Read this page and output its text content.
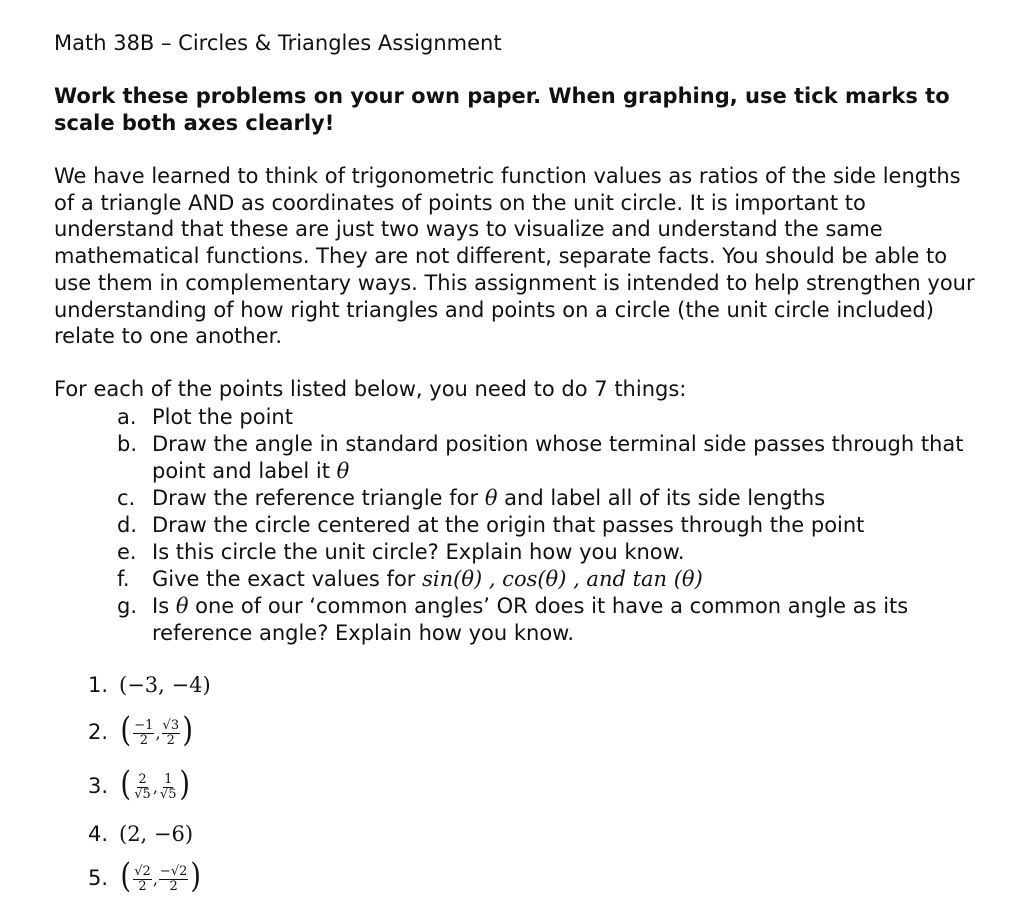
Math 38B – Circles & Triangles Assignment
Work these problems on your own paper. When graphing, use tick marks to scale both axes clearly!
We have learned to think of trigonometric function values as ratios of the side lengths of a triangle AND as coordinates of points on the unit circle. It is important to understand that these are just two ways to visualize and understand the same mathematical functions. They are not different, separate facts. You should be able to use them in complementary ways. This assignment is intended to help strengthen your understanding of how right triangles and points on a circle (the unit circle included) relate to one another.
For each of the points listed below, you need to do 7 things:
a. Plot the point
b. Draw the angle in standard position whose terminal side passes through that point and label it θ
c. Draw the reference triangle for θ and label all of its side lengths
d. Draw the circle centered at the origin that passes through the point
e. Is this circle the unit circle? Explain how you know.
f. Give the exact values for sin(θ) , cos(θ) , and tan (θ)
g. Is θ one of our ‘common angles’ OR does it have a common angle as its reference angle? Explain how you know.
1. (−3, −4)
2. ( $\frac{-1}{2}$ , $\frac{√3}{2}$ )
3. ( $\frac{2}{√5}$ , $\frac{1}{√5}$ )
4. (2, −6)
5. ( $\frac{√2}{2}$ , $\frac{-√2}{2}$ )
